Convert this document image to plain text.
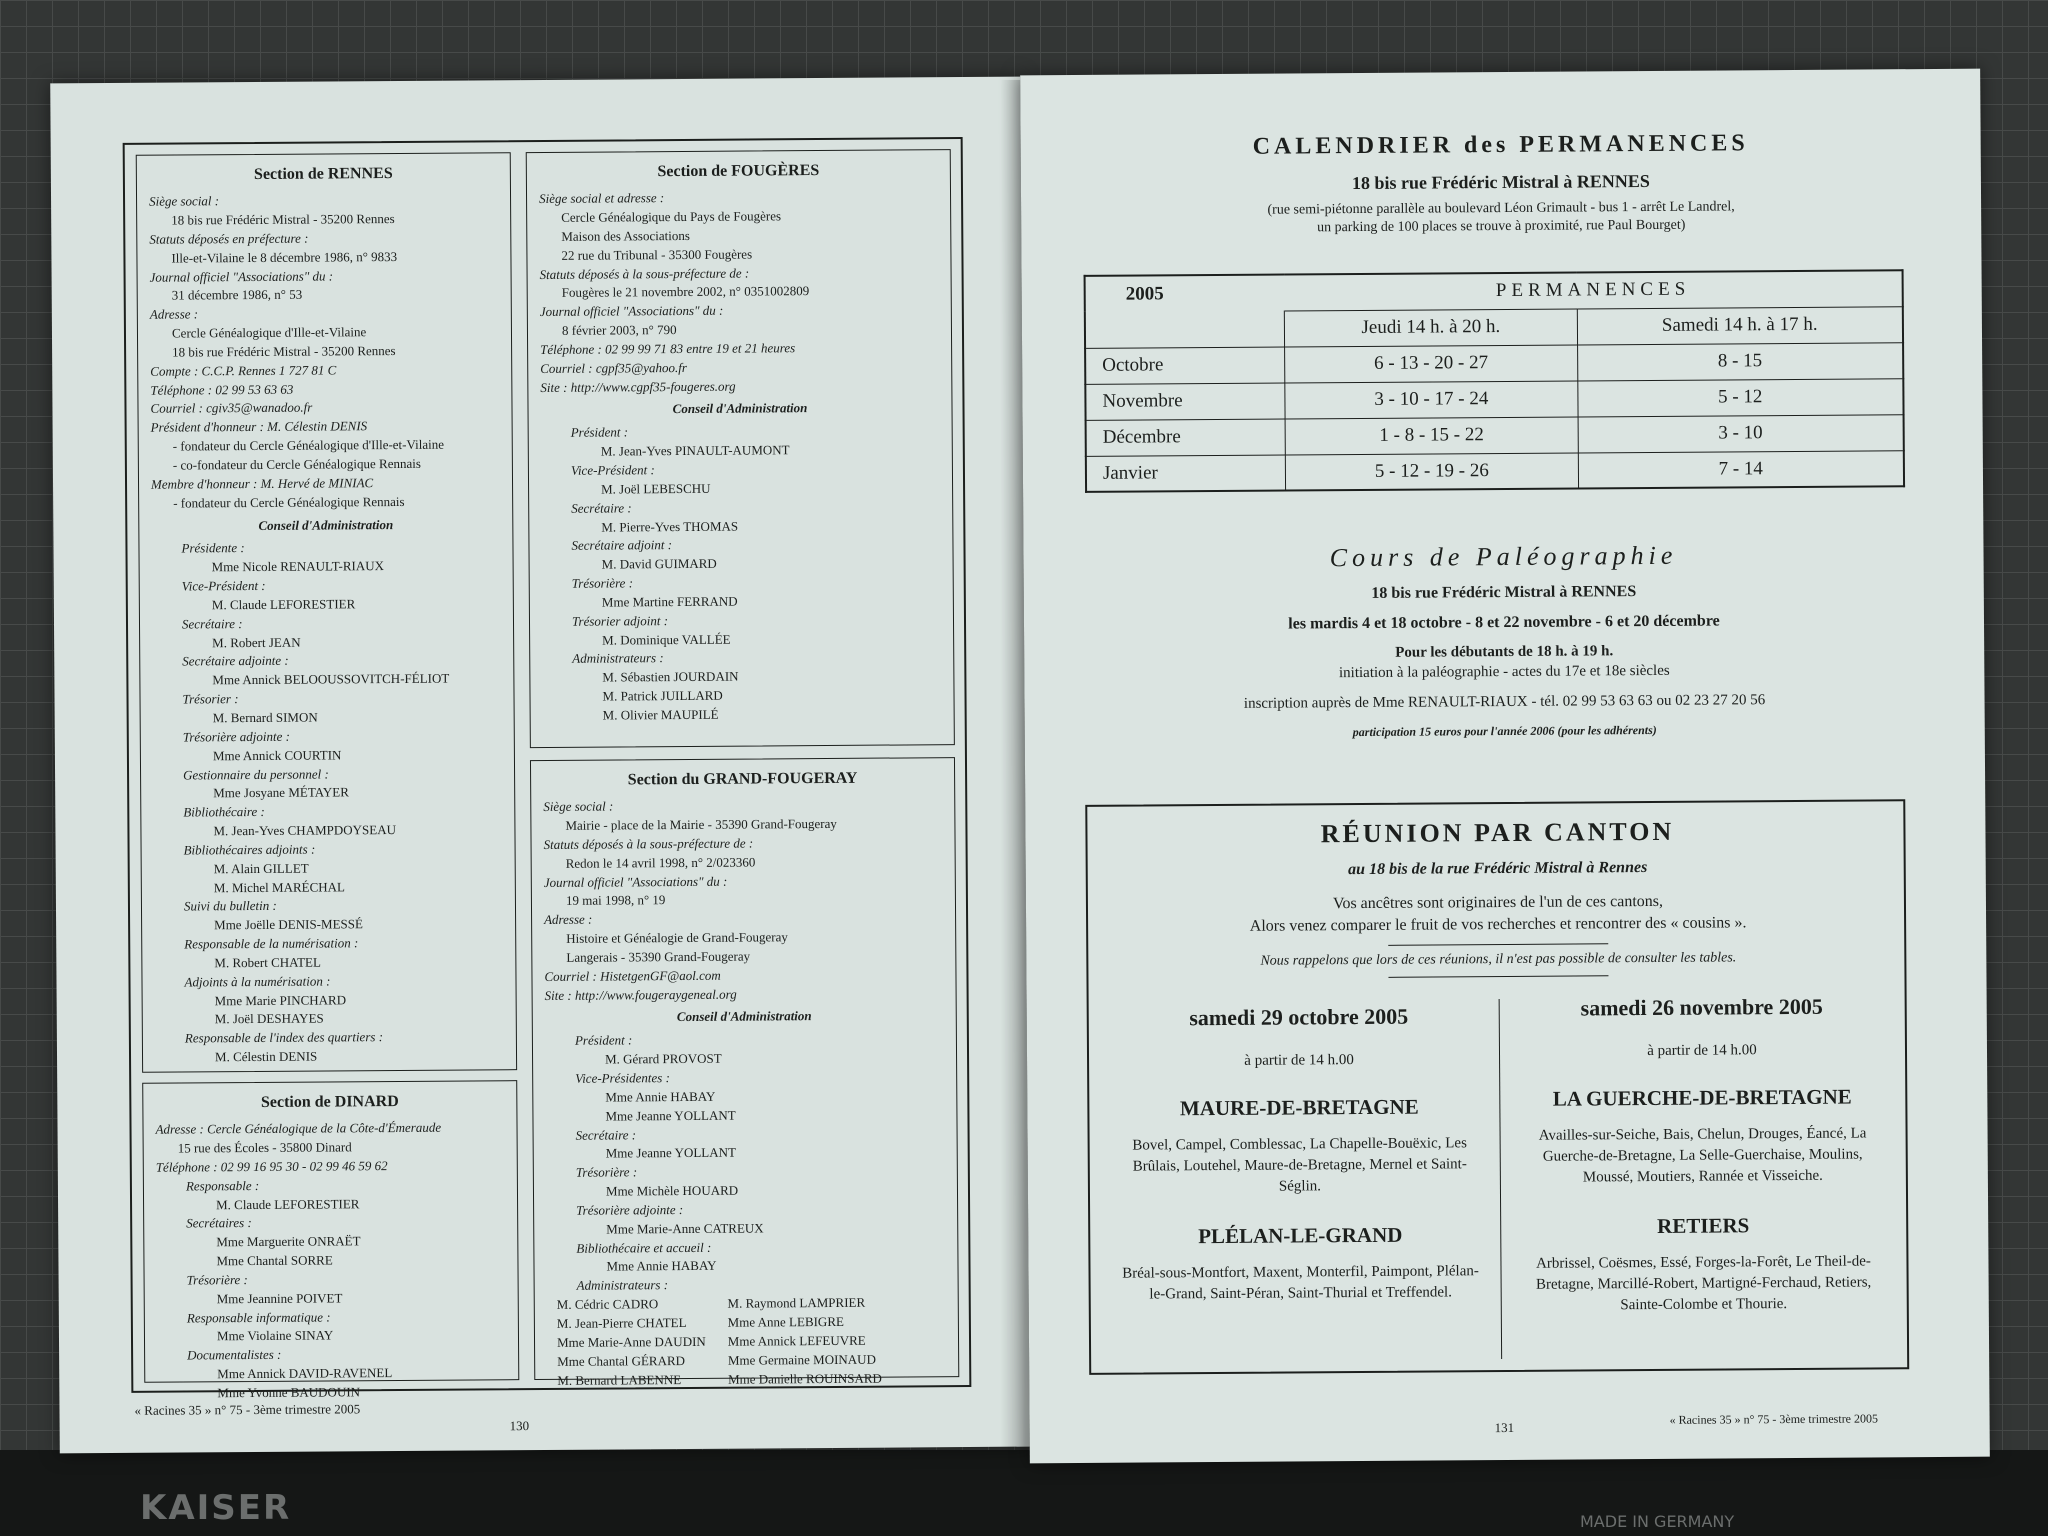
KAISER	MADE IN GERMANY
Section de RENNES
Siège social :
18 bis rue Frédéric Mistral - 35200 Rennes
Statuts déposés en préfecture :
Ille-et-Vilaine le 8 décembre 1986, n° 9833
Journal officiel "Associations" du :
31 décembre 1986, n° 53
Adresse :
Cercle Généalogique d'Ille-et-Vilaine
18 bis rue Frédéric Mistral - 35200 Rennes
Compte : C.C.P. Rennes 1 727 81 C
Téléphone : 02 99 53 63 63
Courriel : cgiv35@wanadoo.fr
Président d'honneur : M. Célestin DENIS
- fondateur du Cercle Généalogique d'Ille-et-Vilaine
- co-fondateur du Cercle Généalogique Rennais
Membre d'honneur : M. Hervé de MINIAC
- fondateur du Cercle Généalogique Rennais
Conseil d'Administration
Présidente :
Mme Nicole RENAULT-RIAUX
Vice-Président :
M. Claude LEFORESTIER
Secrétaire :
M. Robert JEAN
Secrétaire adjointe :
Mme Annick BELOOUSSOVITCH-FÉLIOT
Trésorier :
M. Bernard SIMON
Trésorière adjointe :
Mme Annick COURTIN
Gestionnaire du personnel :
Mme Josyane MÉTAYER
Bibliothécaire :
M. Jean-Yves CHAMPDOYSEAU
Bibliothécaires adjoints :
M. Alain GILLET
M. Michel MARÉCHAL
Suivi du bulletin :
Mme Joëlle DENIS-MESSÉ
Responsable de la numérisation :
M. Robert CHATEL
Adjoints à la numérisation :
Mme Marie PINCHARD
M. Joël DESHAYES
Responsable de l'index des quartiers :
M. Célestin DENIS
Section de DINARD
Adresse : Cercle Généalogique de la Côte-d'Émeraude
15 rue des Écoles - 35800 Dinard
Téléphone : 02 99 16 95 30 - 02 99 46 59 62
Responsable :
M. Claude LEFORESTIER
Secrétaires :
Mme Marguerite ONRAËT
Mme Chantal SORRE
Trésorière :
Mme Jeannine POIVET
Responsable informatique :
Mme Violaine SINAY
Documentalistes :
Mme Annick DAVID-RAVENEL
Mme Yvonne BAUDOUIN
Section de FOUGÈRES
Siège social et adresse :
Cercle Généalogique du Pays de Fougères
Maison des Associations
22 rue du Tribunal - 35300 Fougères
Statuts déposés à la sous-préfecture de :
Fougères le 21 novembre 2002, n° 0351002809
Journal officiel "Associations" du :
8 février 2003, n° 790
Téléphone : 02 99 99 71 83 entre 19 et 21 heures
Courriel : cgpf35@yahoo.fr
Site : http://www.cgpf35-fougeres.org
Conseil d'Administration
Président :
M. Jean-Yves PINAULT-AUMONT
Vice-Président :
M. Joël LEBESCHU
Secrétaire :
M. Pierre-Yves THOMAS
Secrétaire adjoint :
M. David GUIMARD
Trésorière :
Mme Martine FERRAND
Trésorier adjoint :
M. Dominique VALLÉE
Administrateurs :
M. Sébastien JOURDAIN
M. Patrick JUILLARD
M. Olivier MAUPILÉ
Section du GRAND-FOUGERAY
Siège social :
Mairie - place de la Mairie - 35390 Grand-Fougeray
Statuts déposés à la sous-préfecture de :
Redon le 14 avril 1998, n° 2/023360
Journal officiel "Associations" du :
19 mai 1998, n° 19
Adresse :
Histoire et Généalogie de Grand-Fougeray
Langerais - 35390 Grand-Fougeray
Courriel : HistetgenGF@aol.com
Site : http://www.fougeraygeneal.org
Conseil d'Administration
Président :
M. Gérard PROVOST
Vice-Présidentes :
Mme Annie HABAY
Mme Jeanne YOLLANT
Secrétaire :
Mme Jeanne YOLLANT
Trésorière :
Mme Michèle HOUARD
Trésorière adjointe :
Mme Marie-Anne CATREUX
Bibliothécaire et accueil :
Mme Annie HABAY
Administrateurs :
M. Cédric CADRO
M. Jean-Pierre CHATEL
Mme Marie-Anne DAUDIN
Mme Chantal GÉRARD
M. Bernard LABENNE
M. Raymond LAMPRIER
Mme Anne LEBIGRE
Mme Annick LEFEUVRE
Mme Germaine MOINAUD
Mme Danielle ROUINSARD
« Racines 35 » n° 75 - 3ème trimestre 2005
130
CALENDRIER des PERMANENCES
18 bis rue Frédéric Mistral à RENNES
(rue semi-piétonne parallèle au boulevard Léon Grimault - bus 1 - arrêt Le Landrel,
un parking de 100 places se trouve à proximité, rue Paul Bourget)
2005	PERMANENCES	
	Jeudi 14 h. à 20 h.	Samedi 14 h. à 17 h.
Octobre	6 - 13 - 20 - 27	8 - 15
Novembre	3 - 10 - 17 - 24	5 - 12
Décembre	1 - 8 - 15 - 22	3 - 10
Janvier	5 - 12 - 19 - 26	7 - 14
Cours de Paléographie
18 bis rue Frédéric Mistral à RENNES
les mardis 4 et 18 octobre - 8 et 22 novembre - 6 et 20 décembre
Pour les débutants de 18 h. à 19 h.
initiation à la paléographie - actes du 17e et 18e siècles
inscription auprès de Mme RENAULT-RIAUX - tél. 02 99 53 63 63 ou 02 23 27 20 56
participation 15 euros pour l'année 2006 (pour les adhérents)
RÉUNION PAR CANTON
au 18 bis de la rue Frédéric Mistral à Rennes
Vos ancêtres sont originaires de l'un de ces cantons,
Alors venez comparer le fruit de vos recherches et rencontrer des « cousins ».
Nous rappelons que lors de ces réunions, il n'est pas possible de consulter les tables.
samedi 29 octobre 2005
à partir de 14 h.00
MAURE-DE-BRETAGNE
Bovel, Campel, Comblessac, La Chapelle-Bouëxic, Les Brûlais, Loutehel, Maure-de-Bretagne, Mernel et Saint-Séglin.
PLÉLAN-LE-GRAND
Bréal-sous-Montfort, Maxent, Monterfil, Paimpont, Plélan-le-Grand, Saint-Péran, Saint-Thurial et Treffendel.
samedi 26 novembre 2005
à partir de 14 h.00
LA GUERCHE-DE-BRETAGNE
Availles-sur-Seiche, Bais, Chelun, Drouges, Éancé, La Guerche-de-Bretagne, La Selle-Guerchaise, Moulins, Moussé, Moutiers, Rannée et Visseiche.
RETIERS
Arbrissel, Coësmes, Essé, Forges-la-Forêt, Le Theil-de-Bretagne, Marcillé-Robert, Martigné-Ferchaud, Retiers, Sainte-Colombe et Thourie.
131
« Racines 35 » n° 75 - 3ème trimestre 2005
